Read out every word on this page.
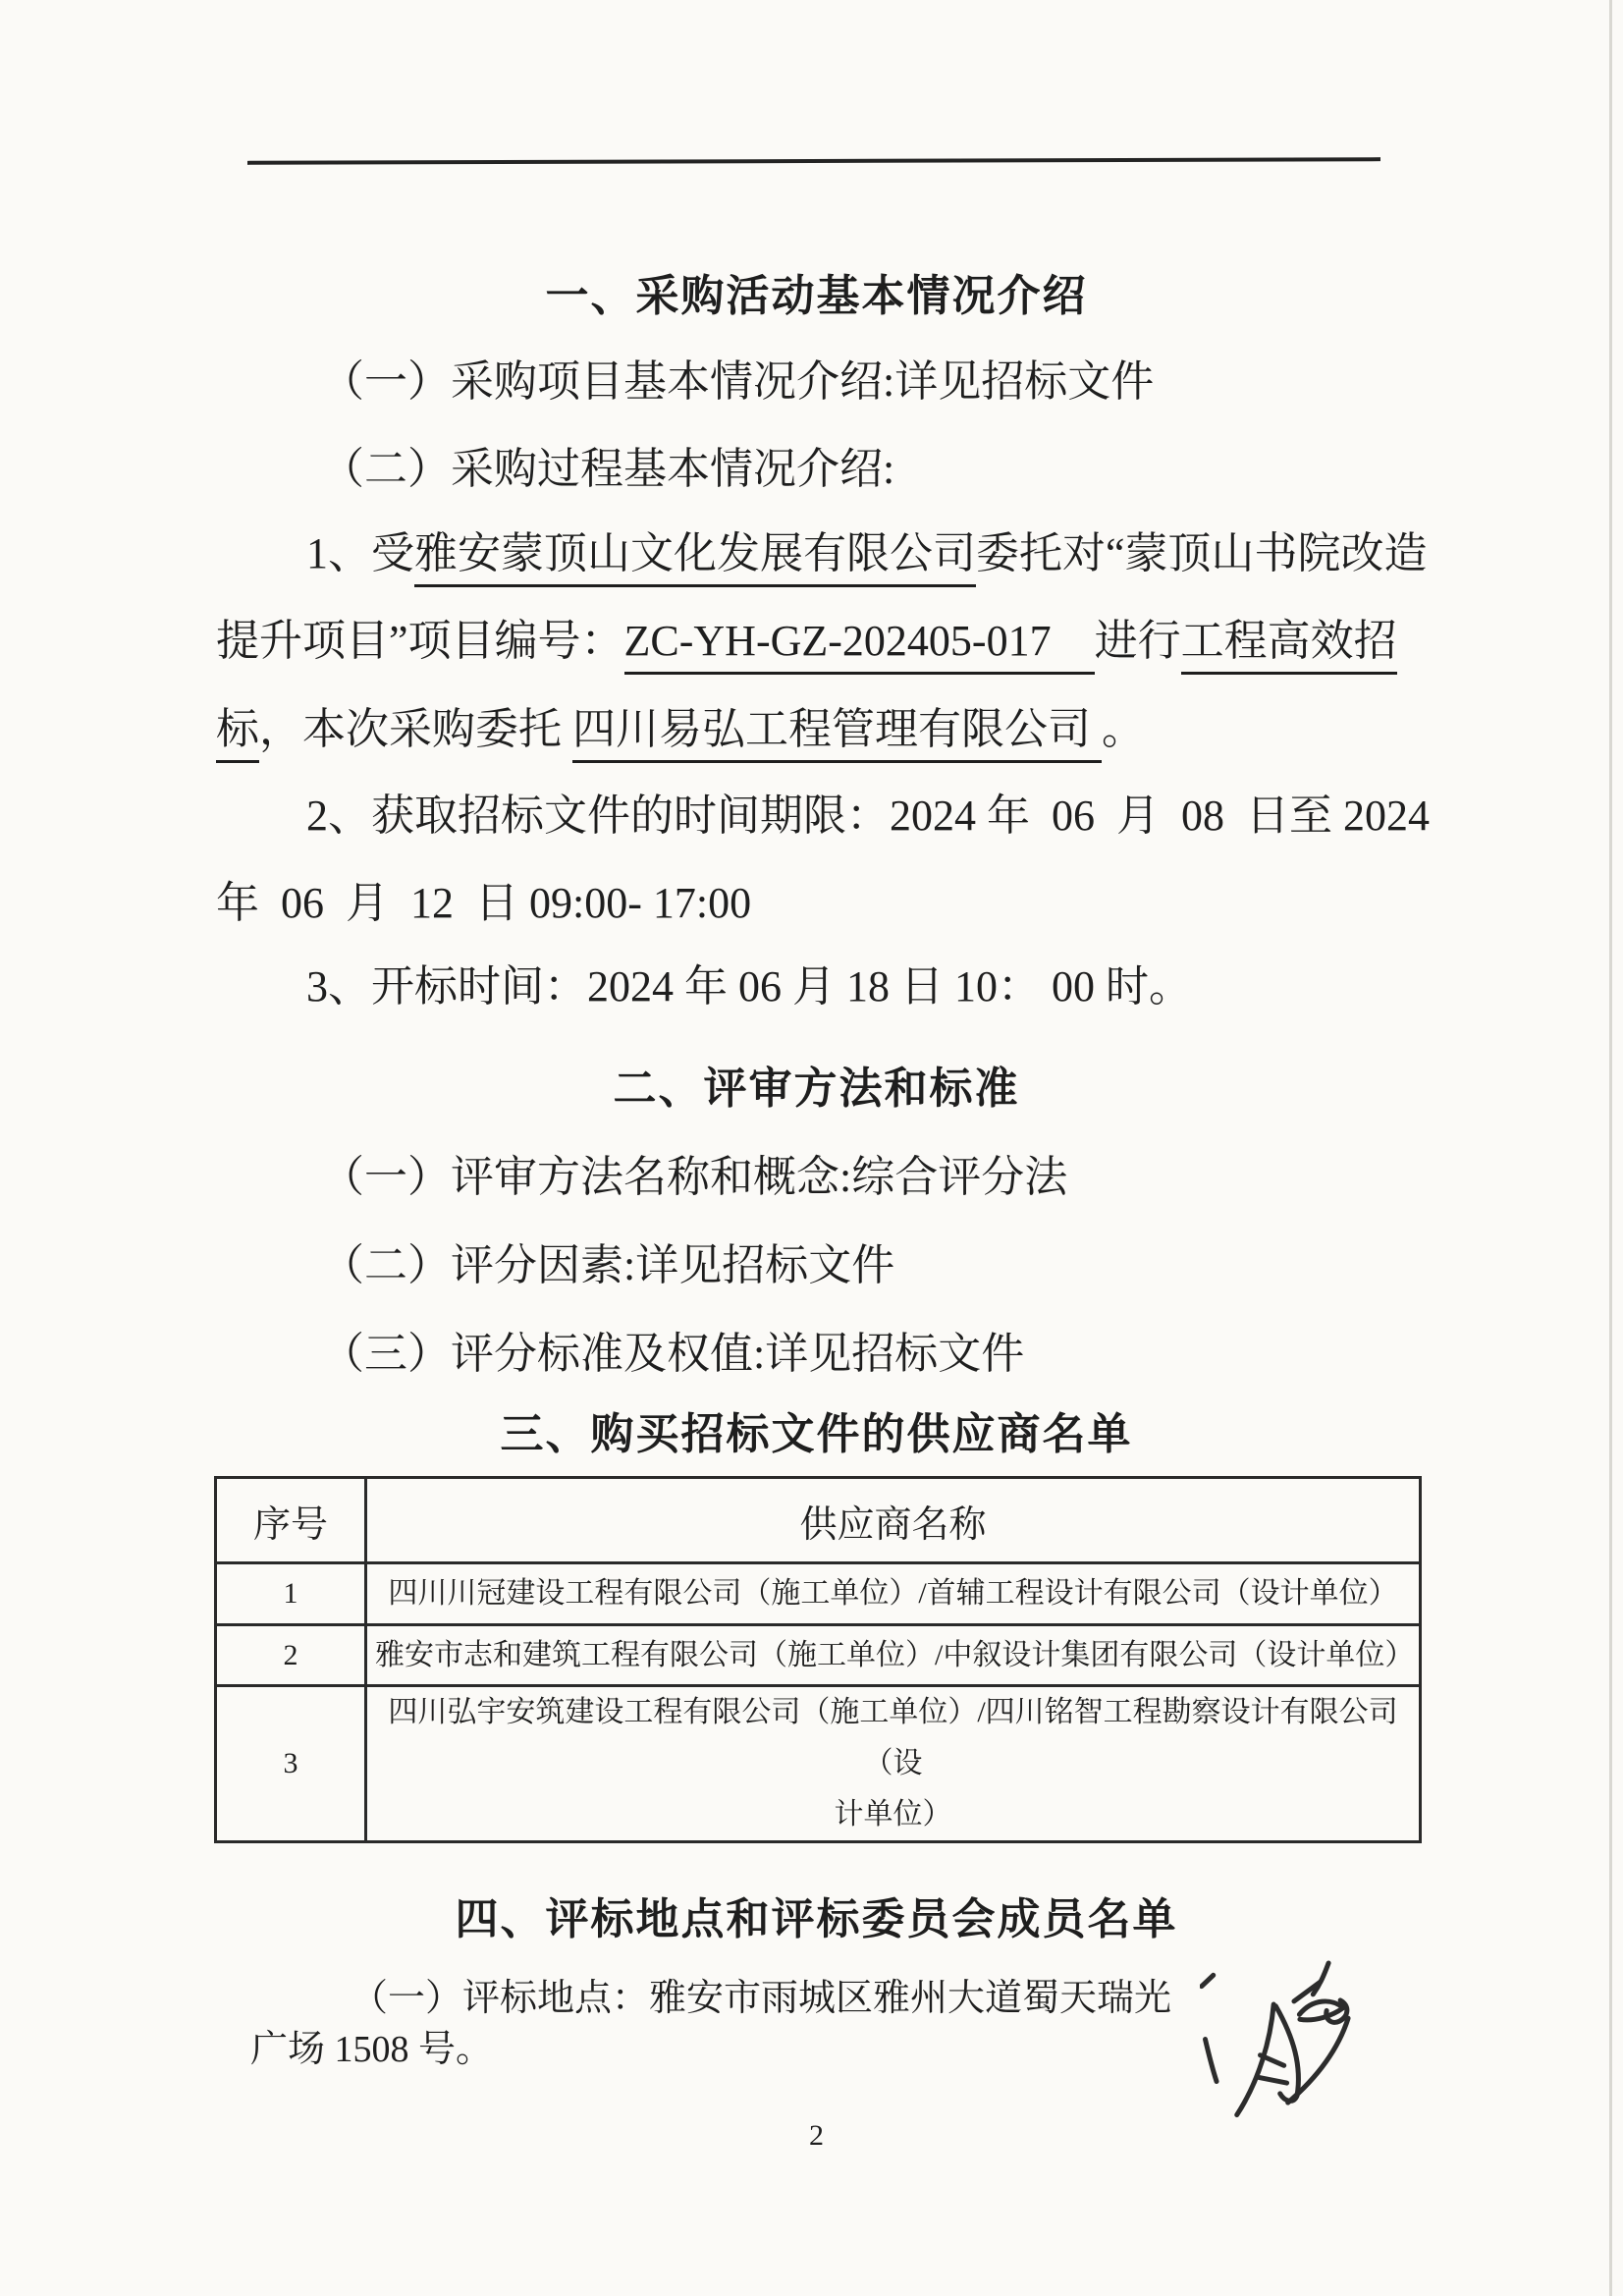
一、采购活动基本情况介绍
（一）采购项目基本情况介绍:详见招标文件
（二）采购过程基本情况介绍:
1、受雅安蒙顶山文化发展有限公司委托对“蒙顶山书院改造
提升项目”项目编号：ZC-YH-GZ-202405-017　进行工程高效招
标，本次采购委托 四川易弘工程管理有限公司 。
2、获取招标文件的时间期限：2024 年  06  月  08  日至 2024
年  06  月  12  日 09:00- 17:00
3、开标时间：2024 年 06 月 18 日 10： 00 时。
二、评审方法和标准
（一）评审方法名称和概念:综合评分法
（二）评分因素:详见招标文件
（三）评分标准及权值:详见招标文件
三、购买招标文件的供应商名单
序号	供应商名称
1	四川川冠建设工程有限公司（施工单位）/首辅工程设计有限公司（设计单位）
2	雅安市志和建筑工程有限公司（施工单位）/中叙设计集团有限公司（设计单位）
3	四川弘宇安筑建设工程有限公司（施工单位）/四川铭智工程勘察设计有限公司（设
计单位）
四、评标地点和评标委员会成员名单
（一）评标地点：雅安市雨城区雅州大道蜀天瑞光
广场 1508 号。
2
